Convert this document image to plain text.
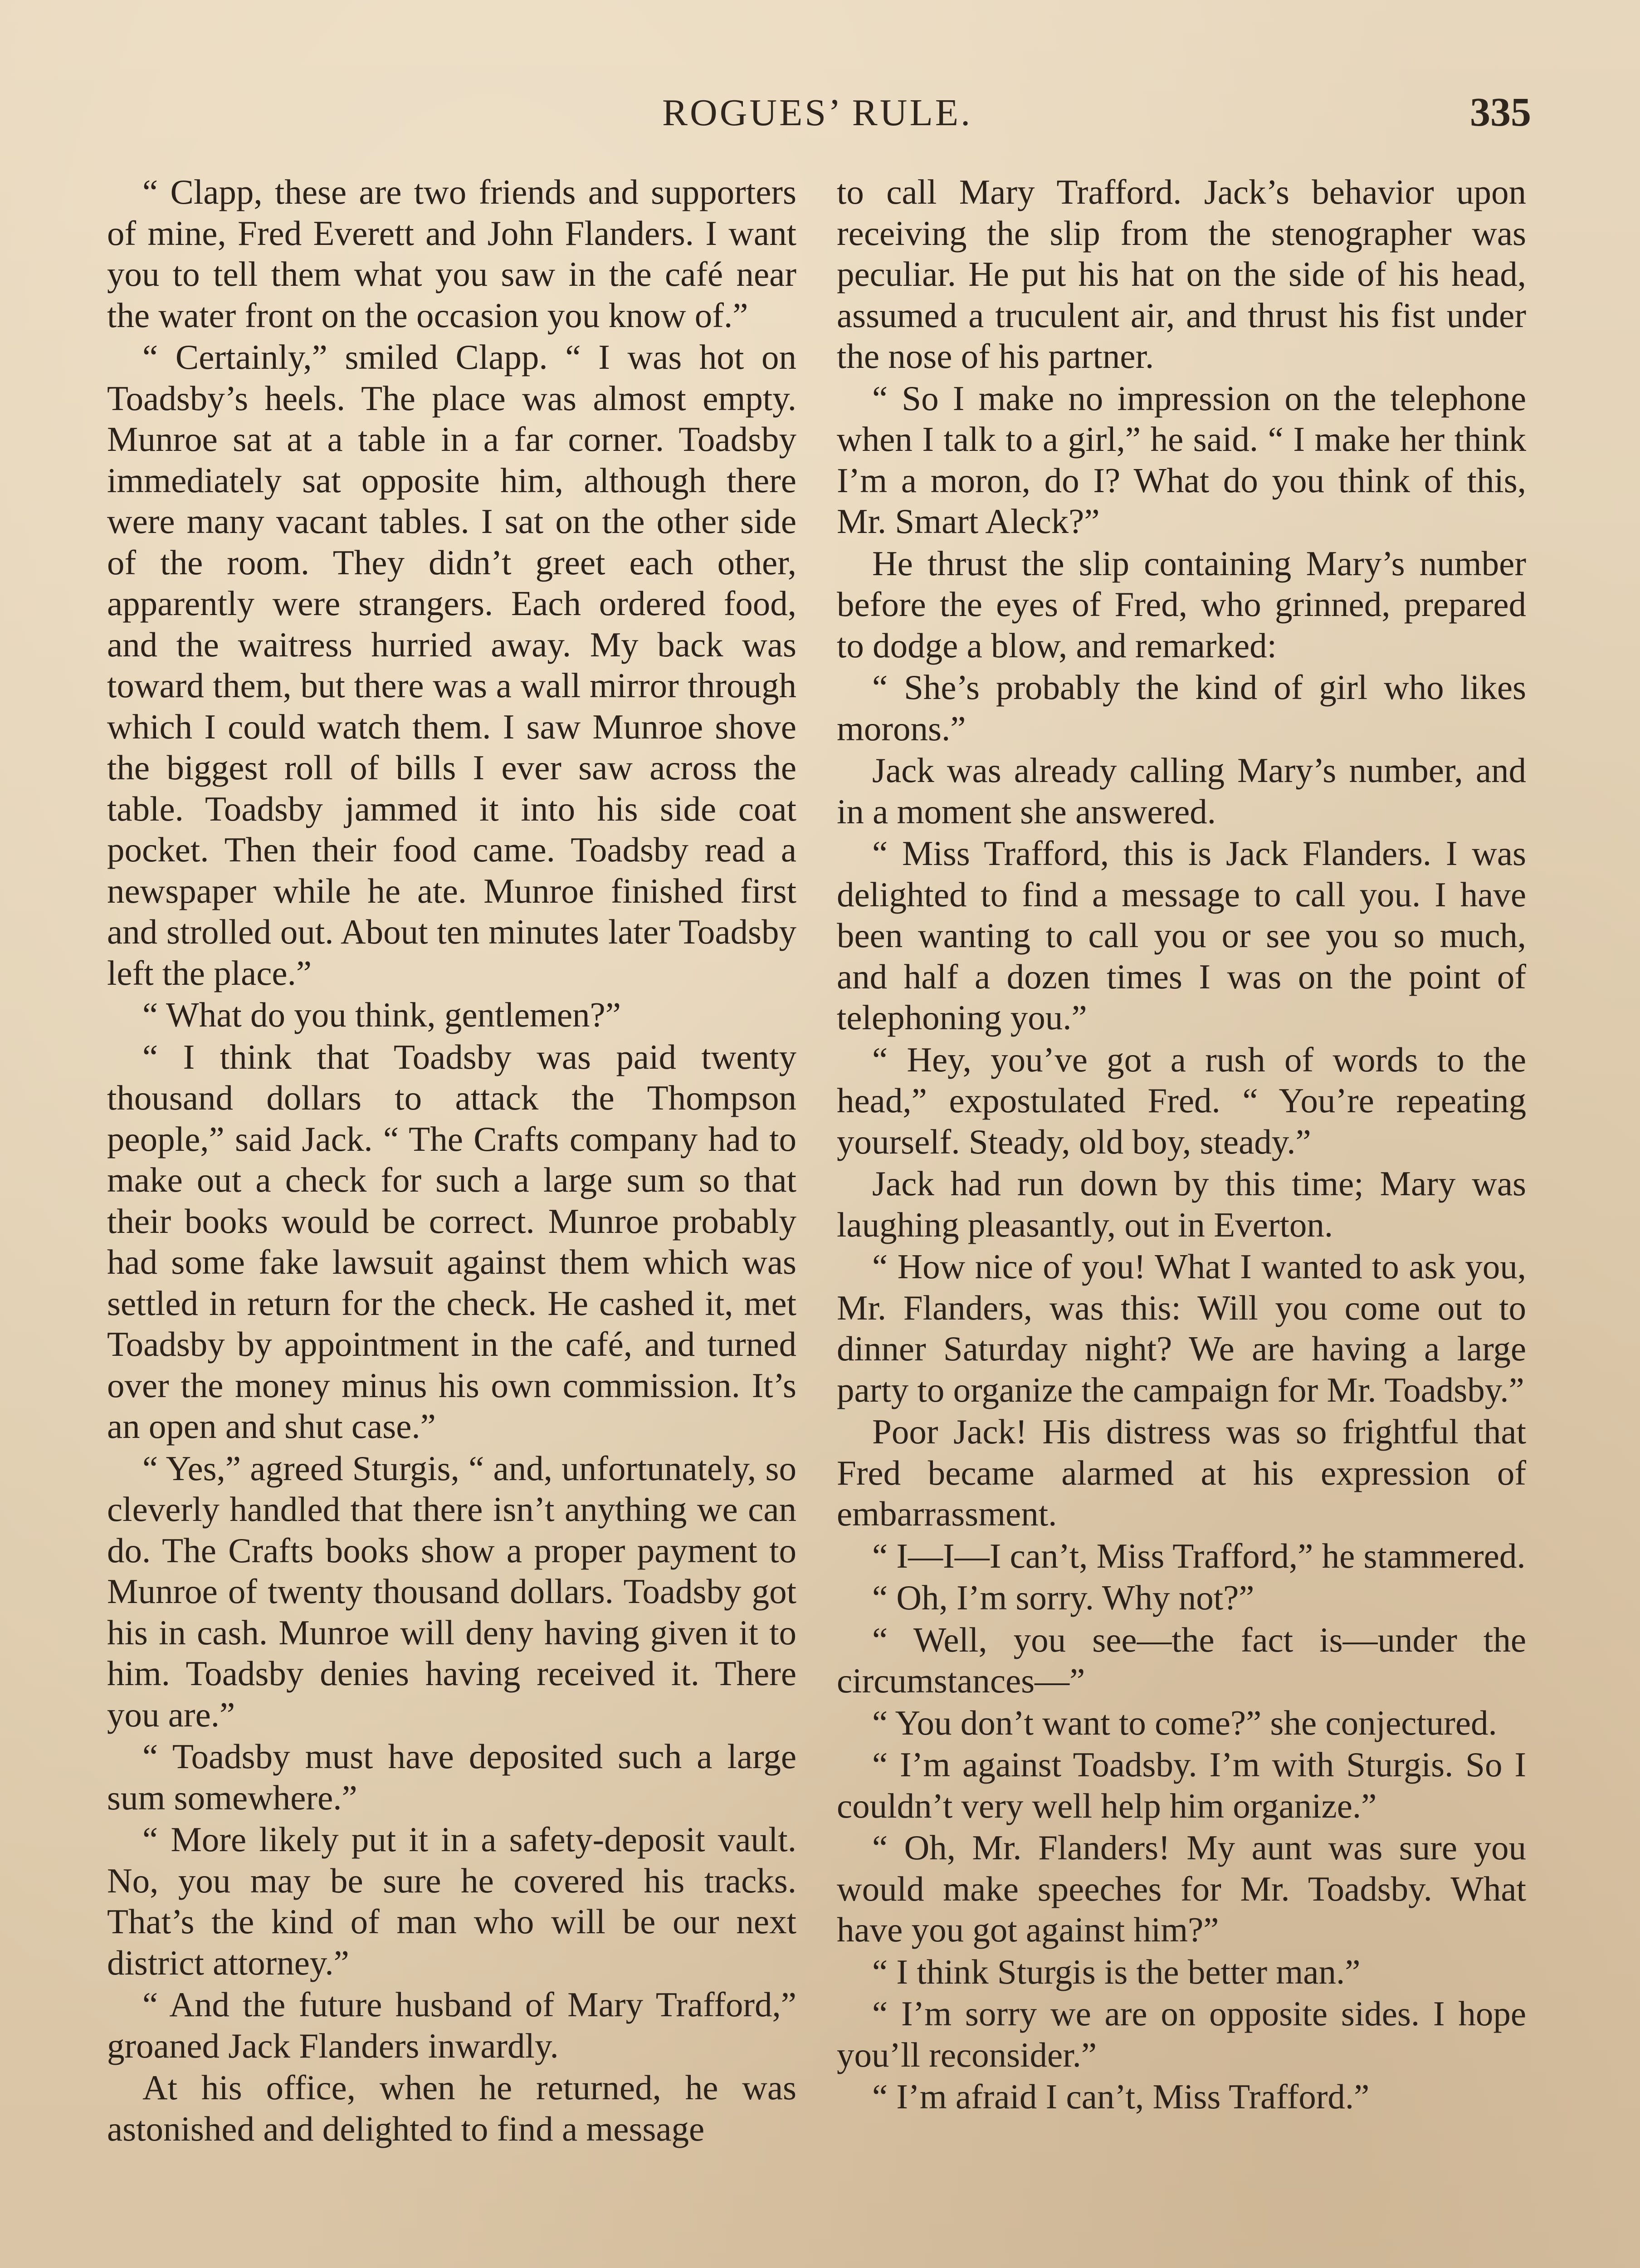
ROGUES’ RULE.	335

“ Clapp, these are two friends and supporters of mine, Fred Everett and John Flanders. I want you to tell them what you saw in the café near the water front on the occasion you know of.”

“ Certainly,” smiled Clapp. “ I was hot on Toadsby’s heels. The place was almost empty. Munroe sat at a table in a far corner. Toadsby immediately sat opposite him, although there were many vacant tables. I sat on the other side of the room. They didn’t greet each other, apparently were strangers. Each ordered food, and the waitress hurried away. My back was toward them, but there was a wall mirror through which I could watch them. I saw Munroe shove the biggest roll of bills I ever saw across the table. Toadsby jammed it into his side coat pocket. Then their food came. Toadsby read a newspaper while he ate. Munroe finished first and strolled out. About ten minutes later Toadsby left the place.”

“ What do you think, gentlemen?”

“ I think that Toadsby was paid twenty thousand dollars to attack the Thompson people,” said Jack. “ The Crafts company had to make out a check for such a large sum so that their books would be correct. Munroe probably had some fake lawsuit against them which was settled in return for the check. He cashed it, met Toadsby by appointment in the café, and turned over the money minus his own commission. It’s an open and shut case.”

“ Yes,” agreed Sturgis, “ and, unfortunately, so cleverly handled that there isn’t anything we can do. The Crafts books show a proper payment to Munroe of twenty thousand dollars. Toadsby got his in cash. Munroe will deny having given it to him. Toadsby denies having received it. There you are.”

“ Toadsby must have deposited such a large sum somewhere.”

“ More likely put it in a safety-deposit vault. No, you may be sure he covered his tracks. That’s the kind of man who will be our next district attorney.”

“ And the future husband of Mary Trafford,” groaned Jack Flanders inwardly.

At his office, when he returned, he was astonished and delighted to find a message

to call Mary Trafford. Jack’s behavior upon receiving the slip from the stenographer was peculiar. He put his hat on the side of his head, assumed a truculent air, and thrust his fist under the nose of his partner.

“ So I make no impression on the telephone when I talk to a girl,” he said. “ I make her think I’m a moron, do I? What do you think of this, Mr. Smart Aleck?”

He thrust the slip containing Mary’s number before the eyes of Fred, who grinned, prepared to dodge a blow, and remarked:

“ She’s probably the kind of girl who likes morons.”

Jack was already calling Mary’s number, and in a moment she answered.

“ Miss Trafford, this is Jack Flanders. I was delighted to find a message to call you. I have been wanting to call you or see you so much, and half a dozen times I was on the point of telephoning you.”

“ Hey, you’ve got a rush of words to the head,” expostulated Fred. “ You’re repeating yourself. Steady, old boy, steady.”

Jack had run down by this time; Mary was laughing pleasantly, out in Everton.

“ How nice of you! What I wanted to ask you, Mr. Flanders, was this: Will you come out to dinner Saturday night? We are having a large party to organize the campaign for Mr. Toadsby.”

Poor Jack! His distress was so frightful that Fred became alarmed at his expression of embarrassment.

“ I—I—I can’t, Miss Trafford,” he stammered.

“ Oh, I’m sorry. Why not?”

“ Well, you see—the fact is—under the circumstances—”

“ You don’t want to come?” she conjectured.

“ I’m against Toadsby. I’m with Sturgis. So I couldn’t very well help him organize.”

“ Oh, Mr. Flanders! My aunt was sure you would make speeches for Mr. Toadsby. What have you got against him?”

“ I think Sturgis is the better man.”

“ I’m sorry we are on opposite sides. I hope you’ll reconsider.”

“ I’m afraid I can’t, Miss Trafford.”
